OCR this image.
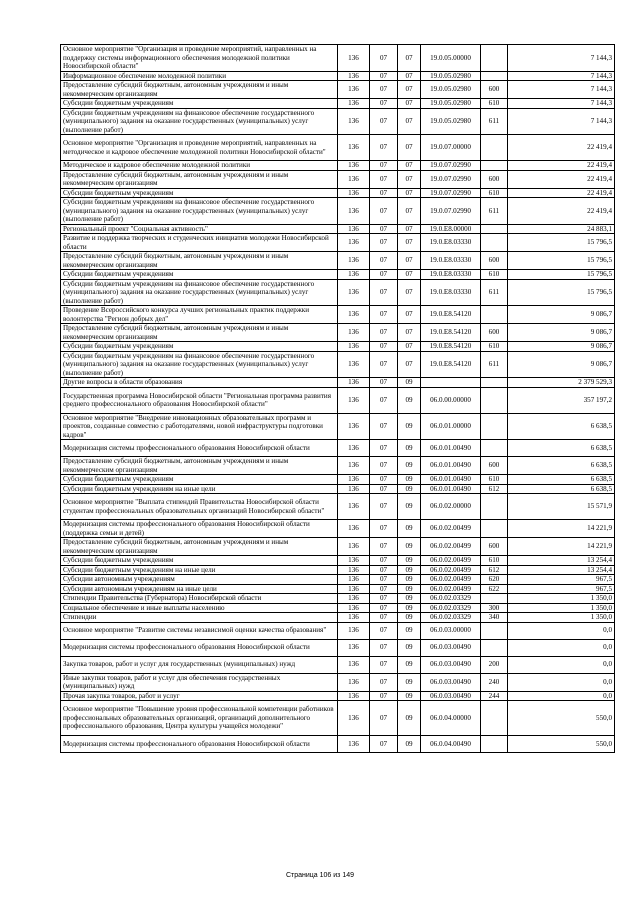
Основное мероприятие "Организация и проведение мероприятий, направленных на поддержку системы информационного обеспечения молодежной политики Новосибирской области"	136	07	07	19.0.05.00000		7 144,3
Информационное обеспечение молодежной политики	136	07	07	19.0.05.02980		7 144,3
Предоставление субсидий бюджетным, автономным учреждениям и иным некоммерческим организациям	136	07	07	19.0.05.02980	600	7 144,3
Субсидии бюджетным учреждениям	136	07	07	19.0.05.02980	610	7 144,3
Субсидии бюджетным учреждениям на финансовое обеспечение государственного (муниципального) задания на оказание государственных (муниципальных) услуг (выполнение работ)	136	07	07	19.0.05.02980	611	7 144,3
Основное мероприятие "Организация и проведение мероприятий, направленных на методическое и кадровое обеспечение молодежной политики Новосибирской области"	136	07	07	19.0.07.00000		22 419,4
Методическое и кадровое обеспечение молодежной политики	136	07	07	19.0.07.02990		22 419,4
Предоставление субсидий бюджетным, автономным учреждениям и иным некоммерческим организациям	136	07	07	19.0.07.02990	600	22 419,4
Субсидии бюджетным учреждениям	136	07	07	19.0.07.02990	610	22 419,4
Субсидии бюджетным учреждениям на финансовое обеспечение государственного (муниципального) задания на оказание государственных (муниципальных) услуг (выполнение работ)	136	07	07	19.0.07.02990	611	22 419,4
Региональный проект "Социальная активность"	136	07	07	19.0.E8.00000		24 883,1
Развитие и поддержка творческих и студенческих инициатив молодежи Новосибирской области	136	07	07	19.0.E8.03330		15 796,5
Предоставление субсидий бюджетным, автономным учреждениям и иным некоммерческим организациям	136	07	07	19.0.E8.03330	600	15 796,5
Субсидии бюджетным учреждениям	136	07	07	19.0.E8.03330	610	15 796,5
Субсидии бюджетным учреждениям на финансовое обеспечение государственного (муниципального) задания на оказание государственных (муниципальных) услуг (выполнение работ)	136	07	07	19.0.E8.03330	611	15 796,5
Проведение Всероссийского конкурса лучших региональных практик поддержки волонтерства "Регион добрых дел"	136	07	07	19.0.E8.54120		9 086,7
Предоставление субсидий бюджетным, автономным учреждениям и иным некоммерческим организациям	136	07	07	19.0.E8.54120	600	9 086,7
Субсидии бюджетным учреждениям	136	07	07	19.0.E8.54120	610	9 086,7
Субсидии бюджетным учреждениям на финансовое обеспечение государственного (муниципального) задания на оказание государственных (муниципальных) услуг (выполнение работ)	136	07	07	19.0.E8.54120	611	9 086,7
Другие вопросы в области образования	136	07	09			2 379 529,3
Государственная программа Новосибирской области "Региональная программа развития среднего профессионального образования Новосибирской области"	136	07	09	06.0.00.00000		357 197,2
Основное мероприятие "Внедрение инновационных образовательных программ и проектов, созданные совместно с работодателями, новой инфраструктуры подготовки кадров"	136	07	09	06.0.01.00000		6 638,5
Модернизация системы профессионального образования Новосибирской области	136	07	09	06.0.01.00490		6 638,5
Предоставление субсидий бюджетным, автономным учреждениям и иным некоммерческим организациям	136	07	09	06.0.01.00490	600	6 638,5
Субсидии бюджетным учреждениям	136	07	09	06.0.01.00490	610	6 638,5
Субсидии бюджетным учреждениям на иные цели	136	07	09	06.0.01.00490	612	6 638,5
Основное мероприятие "Выплата стипендий Правительства Новосибирской области студентам профессиональных образовательных организаций Новосибирской области"	136	07	09	06.0.02.00000		15 571,9
Модернизация системы профессионального образования Новосибирской области (поддержка семьи и детей)	136	07	09	06.0.02.00499		14 221,9
Предоставление субсидий бюджетным, автономным учреждениям и иным некоммерческим организациям	136	07	09	06.0.02.00499	600	14 221,9
Субсидии бюджетным учреждениям	136	07	09	06.0.02.00499	610	13 254,4
Субсидии бюджетным учреждениям на иные цели	136	07	09	06.0.02.00499	612	13 254,4
Субсидии автономным учреждениям	136	07	09	06.0.02.00499	620	967,5
Субсидии автономным учреждениям на иные цели	136	07	09	06.0.02.00499	622	967,5
Стипендии Правительства (Губернатора) Новосибирской области	136	07	09	06.0.02.03329		1 350,0
Социальное обеспечение и иные выплаты населению	136	07	09	06.0.02.03329	300	1 350,0
Стипендии	136	07	09	06.0.02.03329	340	1 350,0
Основное мероприятие "Развитие системы независимой оценки качества образования"	136	07	09	06.0.03.00000		0,0
Модернизация системы профессионального образования Новосибирской области	136	07	09	06.0.03.00490		0,0
Закупка товаров, работ и услуг для государственных (муниципальных) нужд	136	07	09	06.0.03.00490	200	0,0
Иные закупки товаров, работ и услуг для обеспечения государственных (муниципальных) нужд	136	07	09	06.0.03.00490	240	0,0
Прочая закупка товаров, работ и услуг	136	07	09	06.0.03.00490	244	0,0
Основное мероприятие "Повышение уровня профессиональной компетенции работников профессиональных образовательных организаций, организаций дополнительного профессионального образования, Центра культуры учащейся молодежи"	136	07	09	06.0.04.00000		550,0
Модернизация системы профессионального образования Новосибирской области	136	07	09	06.0.04.00490		550,0
Страница 106 из 149
